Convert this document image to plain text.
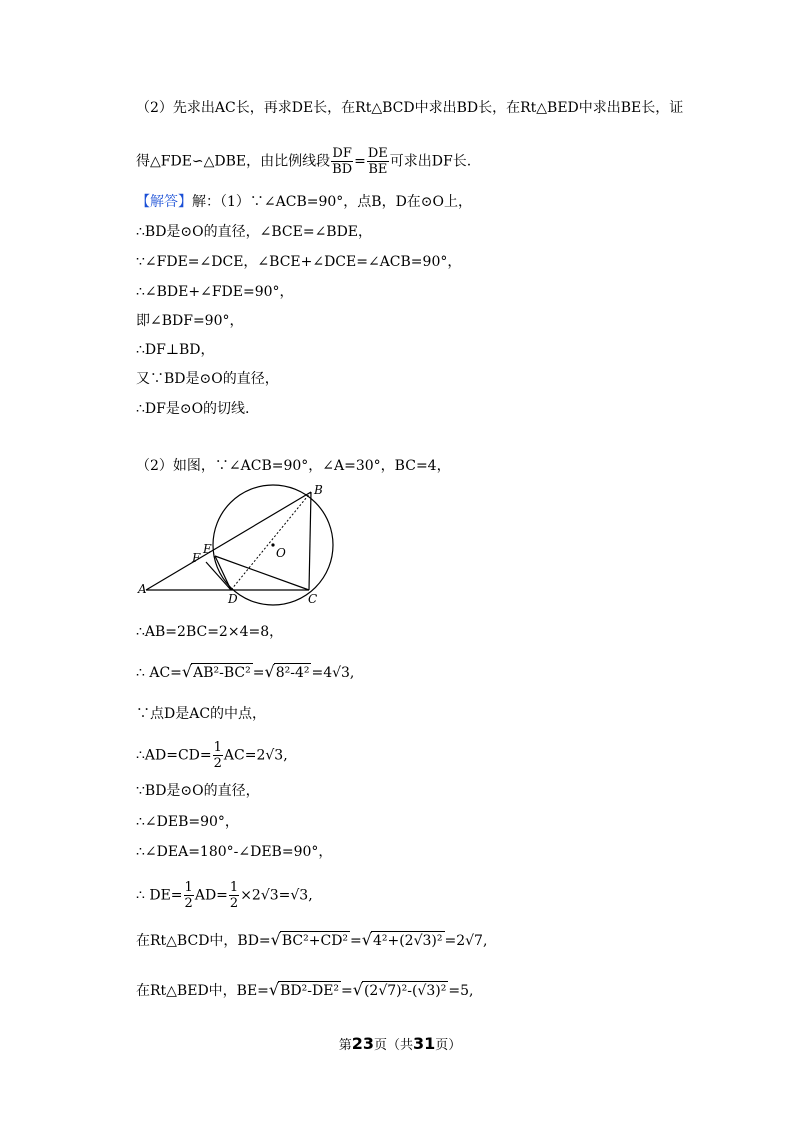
（2）先求出AC长，再求DE长，在Rt△BCD中求出BD长，在Rt△BED中求出BE长，证
得△FDE∽△DBE，由比例线段 $\frac{DF}{BD} = \frac{DE}{BE}$ 可求出DF长.
【解答】解：（1）∵∠ACB=90°，点B，D在⊙O上，
∴BD是⊙O的直径，∠BCE=∠BDE，
∵∠FDE=∠DCE，∠BCE+∠DCE=∠ACB=90°，
∴∠BDE+∠FDE=90°，
即∠BDF=90°，
∴DF⊥BD，
又∵BD是⊙O的直径，
∴DF是⊙O的切线.
（2）如图，∵∠ACB=90°，∠A=30°，BC=4，
B
E
F	O
A
D	C
∴AB=2BC=2×4=8，
∴ AC=√AB²-BC² =√8²-4² =4√3,
∵点D是AC的中点，
∴AD=CD= $\frac{1}{2} AC=2√3$,
∵BD是⊙O的直径，
∴∠DEB=90°，
∴∠DEA=180°-∠DEB=90°，
∴ $DE= \frac{1}{2} AD= \frac{1}{2} \times 2√3=√3$,
在Rt△BCD中，BD=√BC²+CD² =√4²+(2√3)² =2√7,
在Rt△BED中，BE=√BD²-DE² =√(2√7)²-(√3)² =5,
第23页（共31页）
